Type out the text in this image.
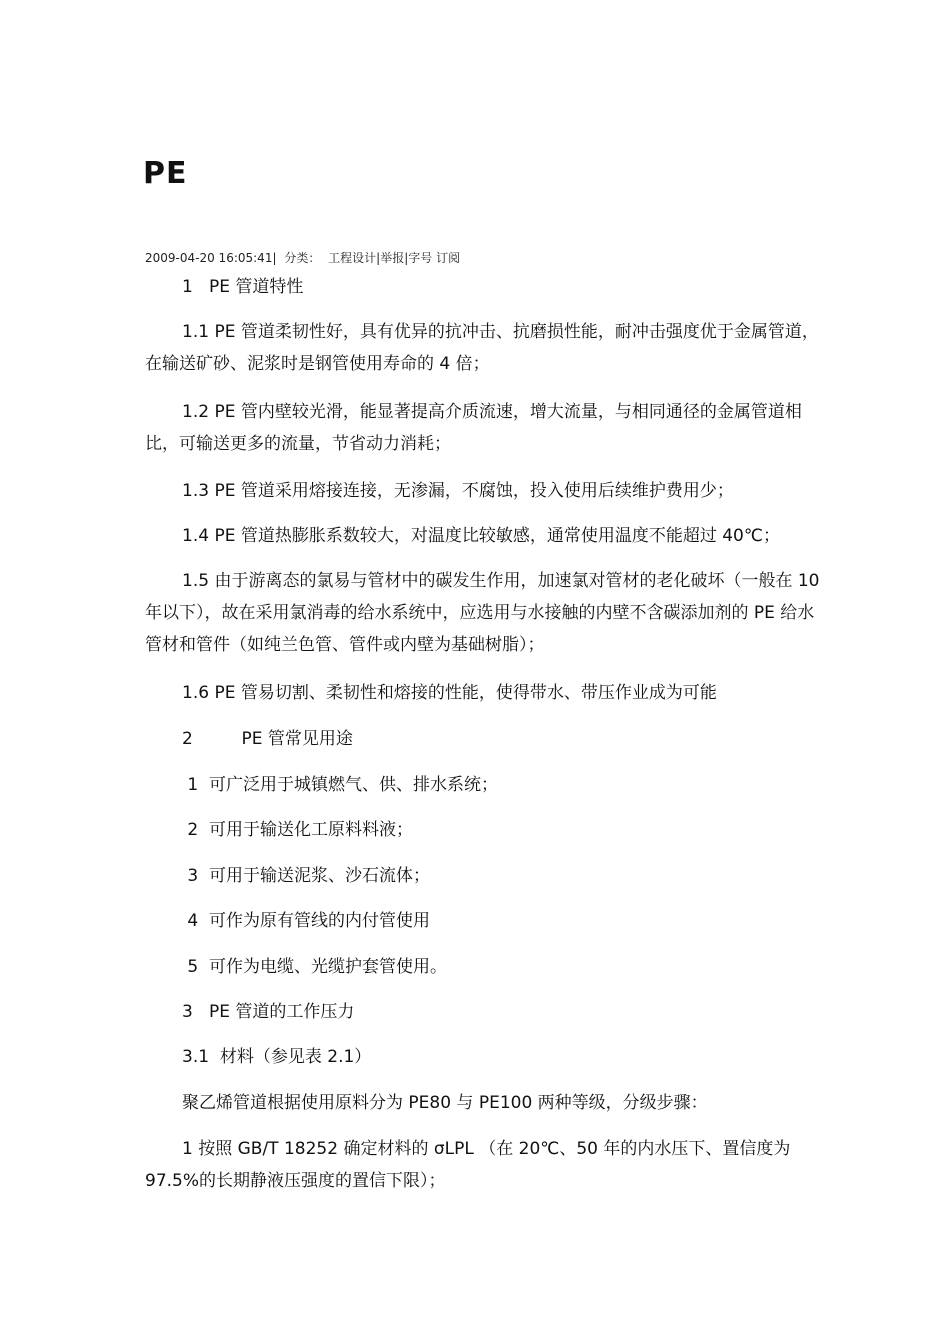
PE
2009-04-20 16:05:41| 分类： 工程设计|举报|字号 订阅

1   PE 管道特性

1.1 PE 管道柔韧性好，具有优异的抗冲击、抗磨损性能，耐冲击强度优于金属管道，在输送矿砂、泥浆时是钢管使用寿命的 4 倍；

1.2 PE 管内壁较光滑，能显著提高介质流速，增大流量，与相同通径的金属管道相比，可输送更多的流量，节省动力消耗；

1.3 PE 管道采用熔接连接，无渗漏，不腐蚀，投入使用后续维护费用少；

1.4 PE 管道热膨胀系数较大，对温度比较敏感，通常使用温度不能超过 40℃；

1.5 由于游离态的氯易与管材中的碳发生作用，加速氯对管材的老化破坏（一般在 10 年以下），故在采用氯消毒的给水系统中，应选用与水接触的内壁不含碳添加剂的 PE 给水管材和管件（如纯兰色管、管件或内壁为基础树脂）；

1.6 PE 管易切割、柔韧性和熔接的性能，使得带水、带压作业成为可能

2         PE 管常见用途

1  可广泛用于城镇燃气、供、排水系统；

2  可用于输送化工原料料液；

3  可用于输送泥浆、沙石流体；

4  可作为原有管线的内付管使用

5  可作为电缆、光缆护套管使用。

3   PE 管道的工作压力

3.1  材料（参见表 2.1）

聚乙烯管道根据使用原料分为 PE80 与 PE100 两种等级，分级步骤：

1 按照 GB/T 18252 确定材料的 σLPL （在 20℃、50 年的内水压下、置信度为 97.5%的长期静液压强度的置信下限）；
